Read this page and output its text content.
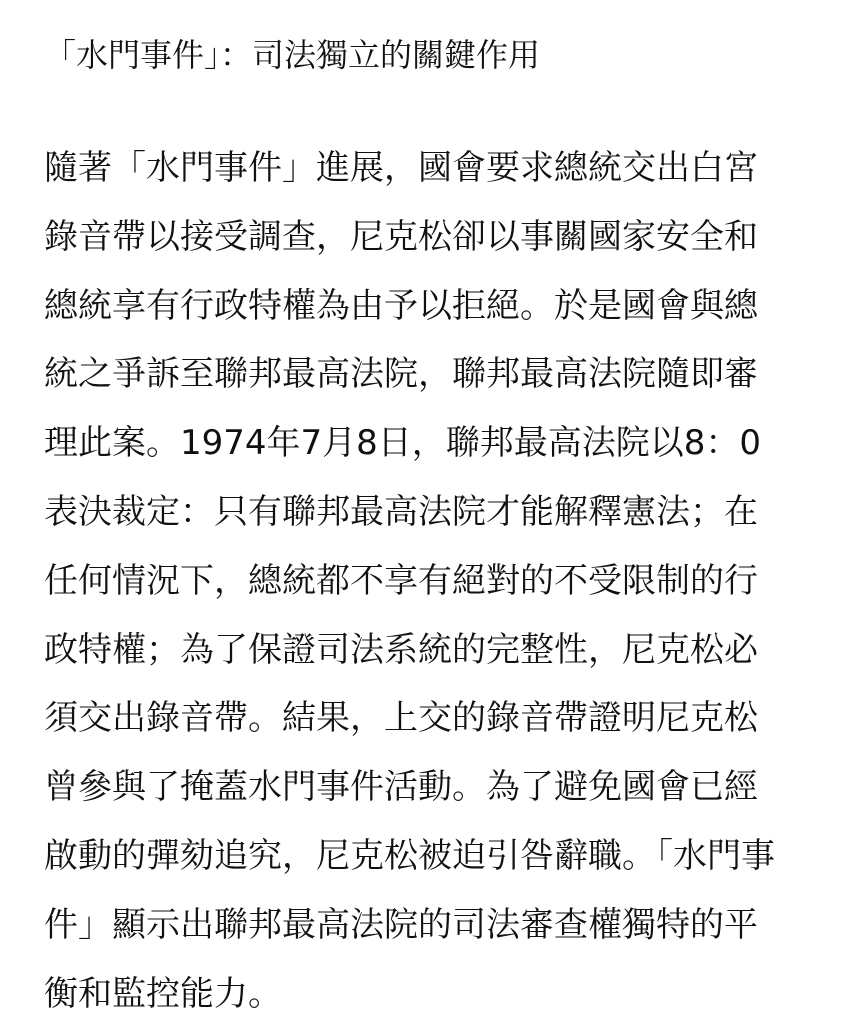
「水門事件」：司法獨立的關鍵作用
隨著「水門事件」進展，國會要求總統交出白宮
錄音帶以接受調查，尼克松卻以事關國家安全和
總統享有行政特權為由予以拒絕。於是國會與總
統之爭訴至聯邦最高法院，聯邦最高法院隨即審
理此案。1974年7月8日，聯邦最高法院以8：0
表決裁定：只有聯邦最高法院才能解釋憲法；在
任何情況下，總統都不享有絕對的不受限制的行
政特權；為了保證司法系統的完整性，尼克松必
須交出錄音帶。結果，上交的錄音帶證明尼克松
曾參與了掩蓋水門事件活動。為了避免國會已經
啟動的彈劾追究，尼克松被迫引咎辭職。「水門事
件」顯示出聯邦最高法院的司法審查權獨特的平
衡和監控能力。
